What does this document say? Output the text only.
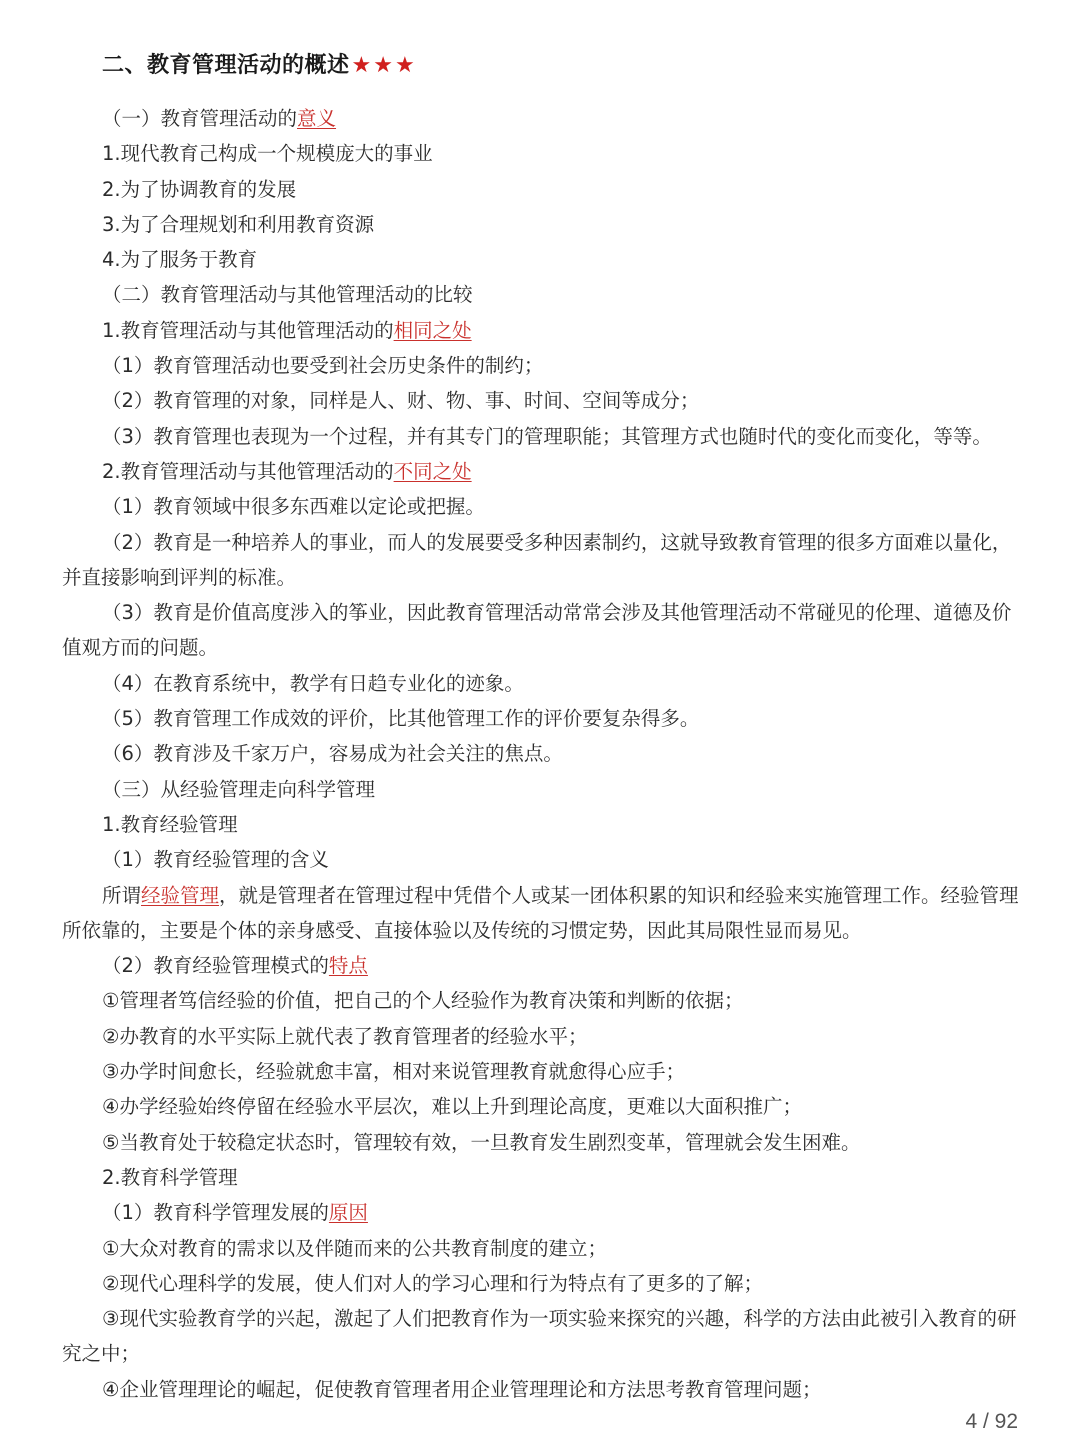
二、教育管理活动的概述★★★
（一）教育管理活动的意义
1.现代教育己构成一个规模庞大的事业
2.为了协调教育的发展
3.为了合理规划和利用教育资源
4.为了服务于教育
（二）教育管理活动与其他管理活动的比较
1.教育管理活动与其他管理活动的相同之处
（1）教育管理活动也要受到社会历史条件的制约；
（2）教育管理的对象，同样是人、财、物、事、时间、空间等成分；
（3）教育管理也表现为一个过程，并有其专门的管理职能；其管理方式也随时代的变化而变化，等等。
2.教育管理活动与其他管理活动的不同之处
（1）教育领域中很多东西难以定论或把握。
（2）教育是一种培养人的事业，而人的发展要受多种因素制约，这就导致教育管理的很多方面难以量化，并直接影响到评判的标准。
（3）教育是价值高度涉入的筝业，因此教育管理活动常常会涉及其他管理活动不常碰见的伦理、道德及价值观方而的问题。
（4）在教育系统中，教学有日趋专业化的迹象。
（5）教育管理工作成效的评价，比其他管理工作的评价要复杂得多。
（6）教育涉及千家万户，容易成为社会关注的焦点。
（三）从经验管理走向科学管理
1.教育经验管理
（1）教育经验管理的含义
所谓经验管理，就是管理者在管理过程中凭借个人或某一团体积累的知识和经验来实施管理工作。经验管理所依靠的，主要是个体的亲身感受、直接体验以及传统的习惯定势，因此其局限性显而易见。
（2）教育经验管理模式的特点
①管理者笃信经验的价值，把自己的个人经验作为教育决策和判断的依据；
②办教育的水平实际上就代表了教育管理者的经验水平；
③办学时间愈长，经验就愈丰富，相对来说管理教育就愈得心应手；
④办学经验始终停留在经验水平层次，难以上升到理论高度，更难以大面积推广；
⑤当教育处于较稳定状态时，管理较有效，一旦教育发生剧烈变革，管理就会发生困难。
2.教育科学管理
（1）教育科学管理发展的原因
①大众对教育的需求以及伴随而来的公共教育制度的建立；
②现代心理科学的发展，使人们对人的学习心理和行为特点有了更多的了解；
③现代实验教育学的兴起，激起了人们把教育作为一项实验来探究的兴趣，科学的方法由此被引入教育的研究之中；
④企业管理理论的崛起，促使教育管理者用企业管理理论和方法思考教育管理问题；
4 / 92
